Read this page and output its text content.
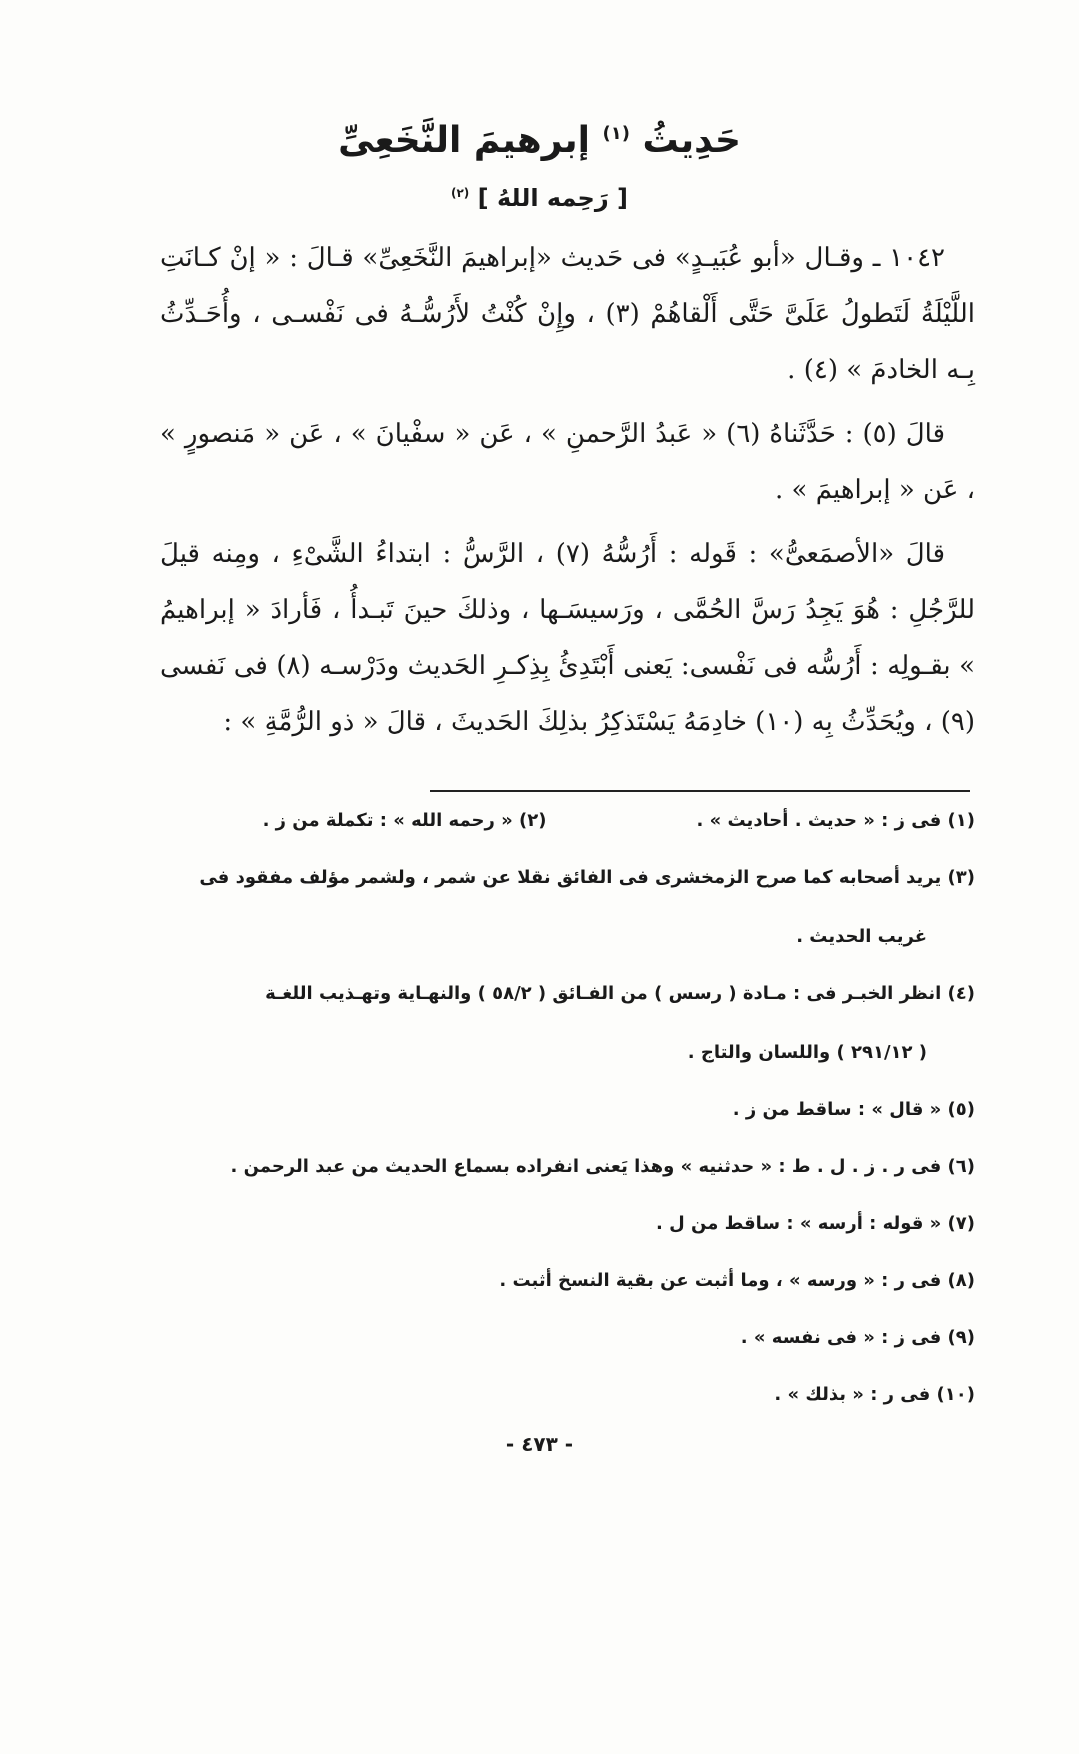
حَدِيثُ $^{(١)}$ إبرهيمَ النَّخَعِىِّ
[ رَحِمه اللهُ ] $^{(٢)}$

١٠٤٢ ـ وقـال «أبو عُبَيـدٍ» فى حَديث «إبراهيمَ النَّخَعِىِّ» قـالَ : « إنْ كـانَتِ اللَّيْلَةُ لَتَطولُ عَلَىَّ حَتَّى أَلْقاهُمْ (٣) ، وإِنْ كُنْتُ لأَرُسُّـهُ فى نَفْسـى ، وأُحَـدِّثُ بِـه الخادمَ » (٤) .

قالَ (٥) : حَدَّثَناهُ (٦) « عَبدُ الرَّحمنِ » ، عَن « سفْيانَ » ، عَن « مَنصورٍ » ، عَن « إبراهيمَ » .

قالَ «الأصمَعىُّ» : قَوله : أَرُسُّهُ (٧) ، الرَّسُّ : ابتداءُ الشَّىْءِ ، ومِنه قيلَ للرَّجُلِ : هُوَ يَجِدُ رَسَّ الحُمَّى ، ورَسيسَـها ، وذلكَ حينَ تَبـدأُ ، فَأرادَ « إبراهيمُ » بقـولِه : أَرُسُّه فى نَفْسى: يَعنى أَبْتَدِئُ بِذِكـرِ الحَديث ودَرْسـه (٨) فى نَفسى (٩) ، ويُحَدِّثُ بِه (١٠) خادِمَهُ يَسْتَذكِرُ بذلِكَ الحَديثَ ، قالَ « ذو الرُّمَّةِ » :

(١) فى ز : « حديث . أحاديث » .
(٢) « رحمه الله » : تكملة من ز .
(٣) يريد أصحابه كما صرح الزمخشرى فى الفائق نقلا عن شمر ، ولشمر مؤلف مفقود فى
غريب الحديث .
(٤) انظر الخبـر فى : مـادة ( رسس ) من الفـائق ( ٥٨/٢ ) والنهـاية وتهـذيب اللغـة
( ٢٩١/١٢ ) واللسان والتاج .
(٥) « قال » : ساقط من ز .
(٦) فى ر . ز . ل . ط : « حدثنيه » وهذا يَعنى انفراده بسماع الحديث من عبد الرحمن .
(٧) « قوله : أرسه » : ساقط من ل .
(٨) فى ر : « ورسه » ، وما أثبت عن بقية النسخ أثبت .
(٩) فى ز : « فى نفسه » .
(١٠) فى ر : « بذلك » .
- ٤٧٣ -
